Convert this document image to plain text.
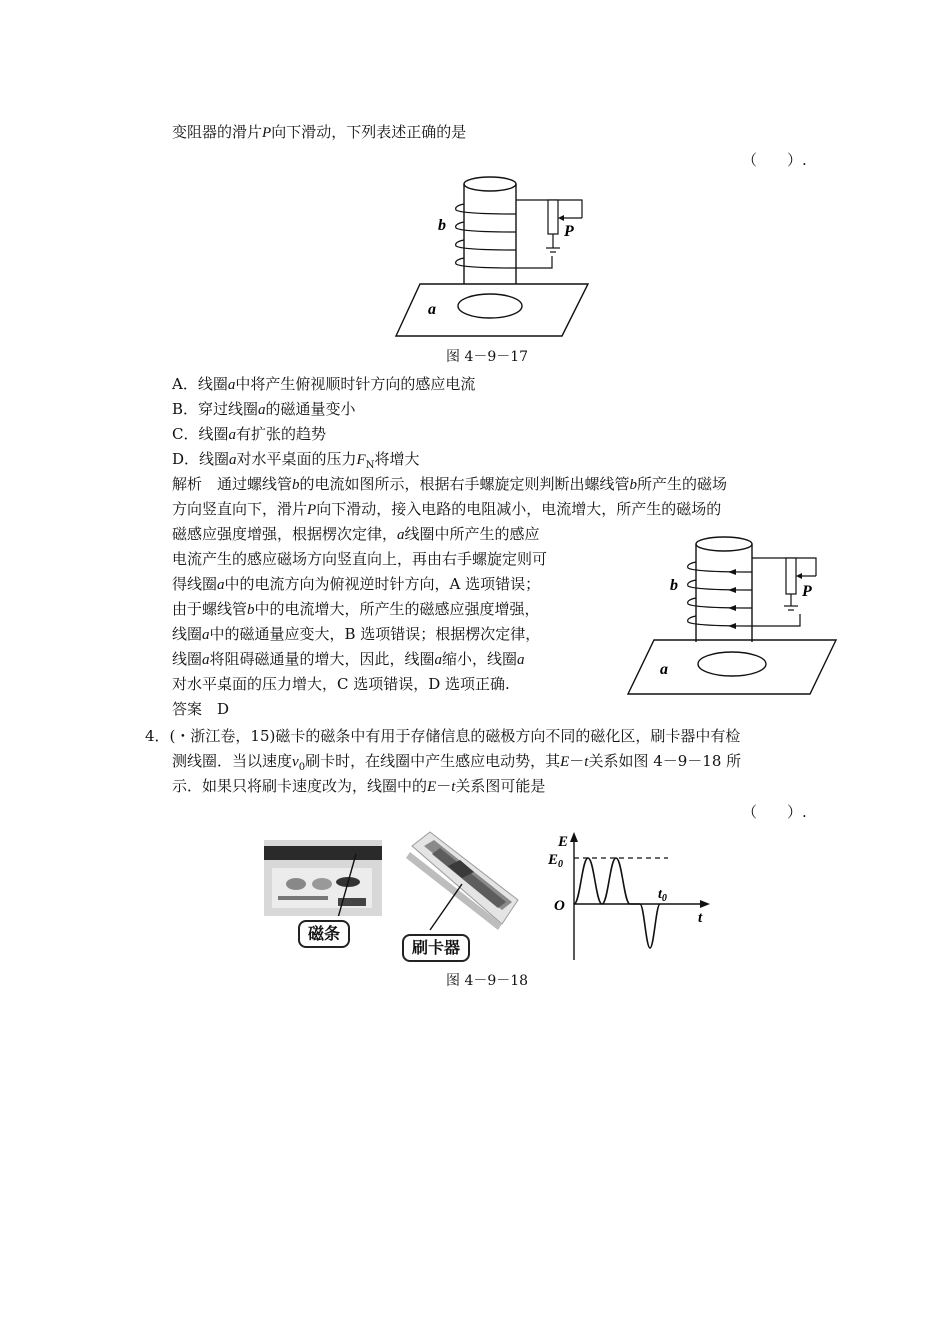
变阻器的滑片P向下滑动，下列表述正确的是
（　　）.
b	P
a
图 4－9－17
A．线圈a中将产生俯视顺时针方向的感应电流
B．穿过线圈a的磁通量变小
C．线圈a有扩张的趋势
D．线圈a对水平桌面的压力$F_N$将增大
解析　通过螺线管b的电流如图所示，根据右手螺旋定则判断出螺线管b所产生的磁场
方向竖直向下，滑片P向下滑动，接入电路的电阻减小，电流增大，所产生的磁场的
磁感应强度增强，根据楞次定律，a线圈中所产生的感应
电流产生的感应磁场方向竖直向上，再由右手螺旋定则可
得线圈a中的电流方向为俯视逆时针方向，A 选项错误；
由于螺线管b中的电流增大，所产生的磁感应强度增强，
线圈a中的磁通量应变大，B 选项错误；根据楞次定律，
线圈a将阻碍磁通量的增大，因此，线圈a缩小，线圈a
对水平桌面的压力增大，C 选项错误，D 选项正确.
答案　D
b	P
a
4．(・浙江卷，15)磁卡的磁条中有用于存储信息的磁极方向不同的磁化区，刷卡器中有检
测线圈．当以速度$v_0$刷卡时，在线圈中产生感应电动势，其E－t关系如图 4－9－18 所
示．如果只将刷卡速度改为，线圈中的E－t关系图可能是
（　　）.
磁条
刷卡器
E
$E_0$
O
t
$t_0$
图 4－9－18
